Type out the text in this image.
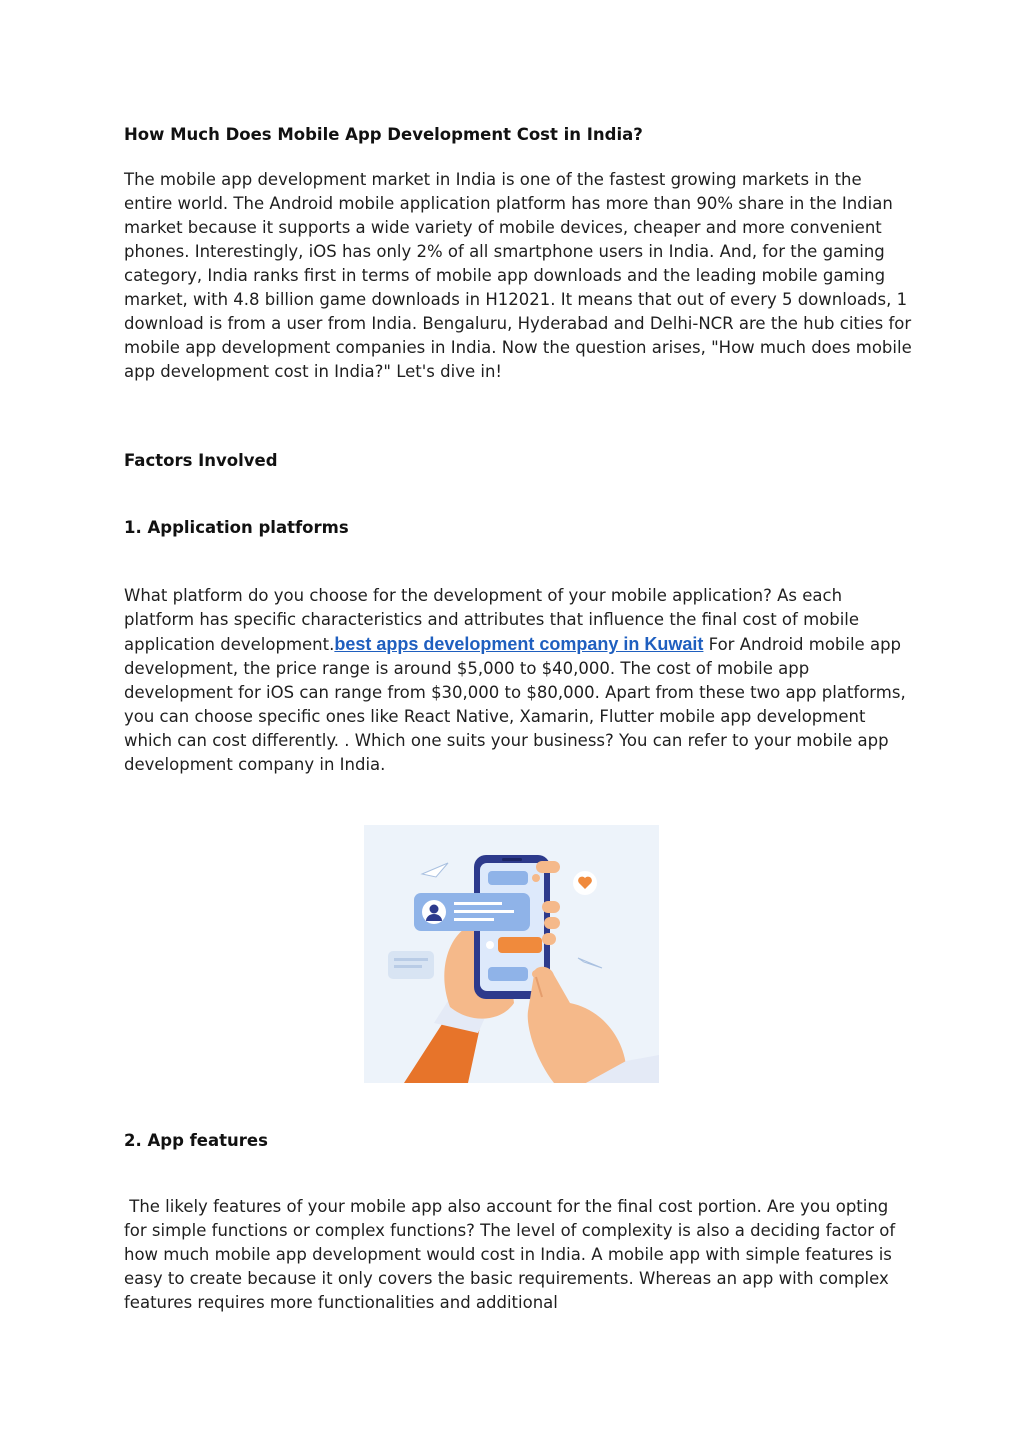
How Much Does Mobile App Development Cost in India?

The mobile app development market in India is one of the fastest growing markets in the entire world. The Android mobile application platform has more than 90% share in the Indian market because it supports a wide variety of mobile devices, cheaper and more convenient phones. Interestingly, iOS has only 2% of all smartphone users in India. And, for the gaming category, India ranks first in terms of mobile app downloads and the leading mobile gaming market, with 4.8 billion game downloads in H12021. It means that out of every 5 downloads, 1 download is from a user from India. Bengaluru, Hyderabad and Delhi-NCR are the hub cities for mobile app development companies in India. Now the question arises, "How much does mobile app development cost in India?" Let's dive in!

Factors Involved
1. Application platforms

What platform do you choose for the development of your mobile application? As each platform has specific characteristics and attributes that influence the final cost of mobile application development.best apps development company in Kuwait For Android mobile app development, the price range is around $5,000 to $40,000. The cost of mobile app development for iOS can range from $30,000 to $80,000. Apart from these two app platforms, you can choose specific ones like React Native, Xamarin, Flutter mobile app development which can cost differently. . Which one suits your business? You can refer to your mobile app development company in India.

2. App features

The likely features of your mobile app also account for the final cost portion. Are you opting for simple functions or complex functions? The level of complexity is also a deciding factor of how much mobile app development would cost in India. A mobile app with simple features is easy to create because it only covers the basic requirements. Whereas an app with complex features requires more functionalities and additional
